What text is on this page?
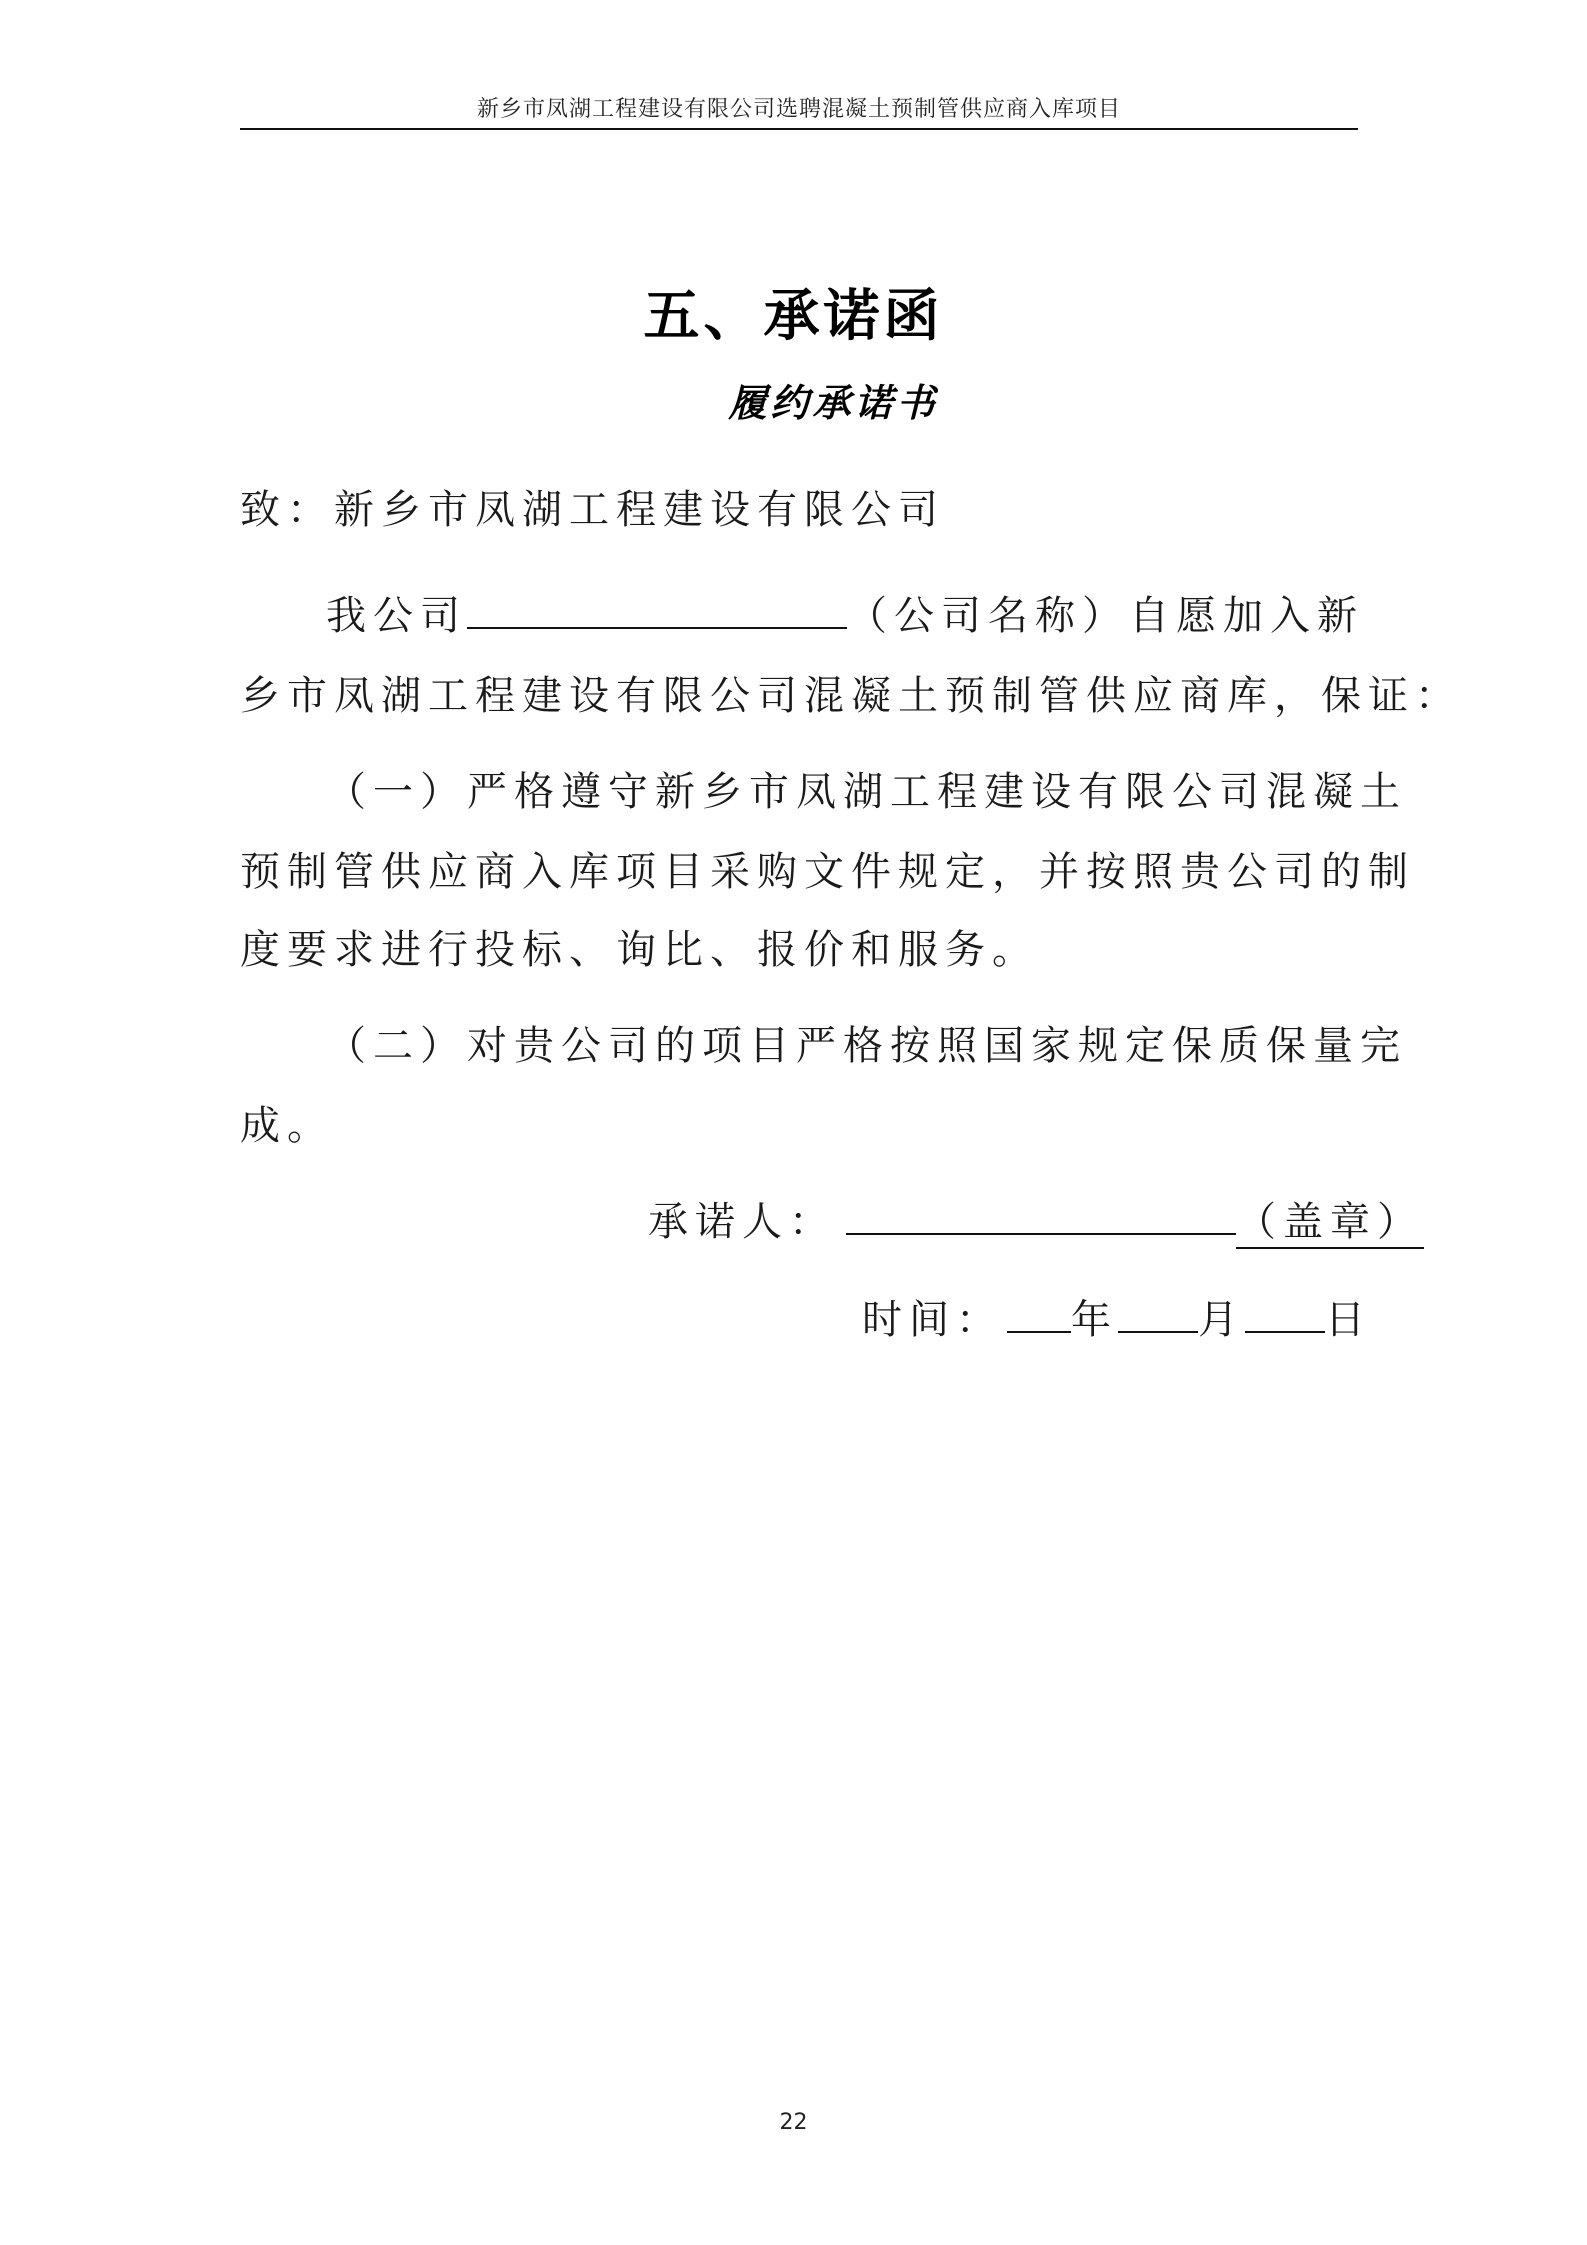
新乡市凤湖工程建设有限公司选聘混凝土预制管供应商入库项目
五、承诺函
履约承诺书
致：新乡市凤湖工程建设有限公司
我公司	（公司名称）自愿加入新
乡市凤湖工程建设有限公司混凝土预制管供应商库，保证：
（一）严格遵守新乡市凤湖工程建设有限公司混凝土
预制管供应商入库项目采购文件规定，并按照贵公司的制
度要求进行投标、询比、报价和服务。
（二）对贵公司的项目严格按照国家规定保质保量完
成。
承诺人：	（盖章）
时间： 年 月 日
22
